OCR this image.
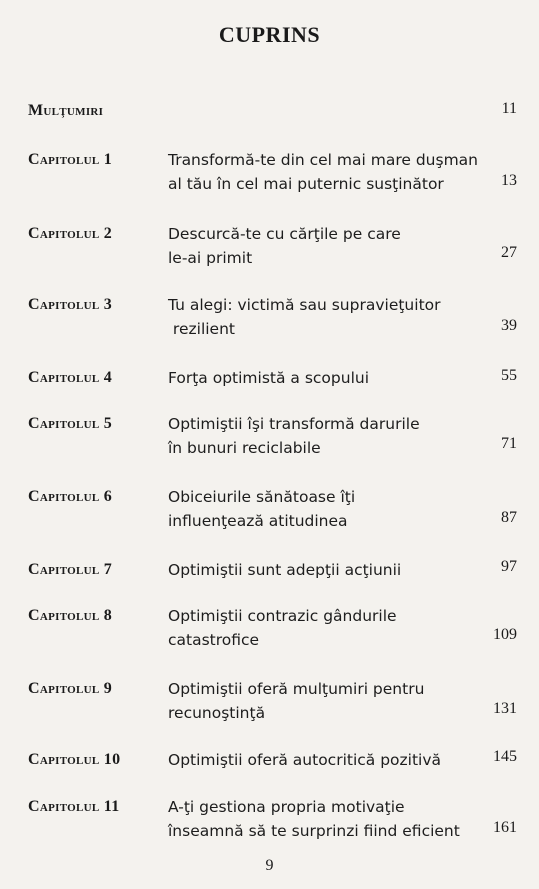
CUPRINS
Mulţumiri	11
Capitolul 1	Transformă-te din cel mai mare duşman
al tău în cel mai puternic susţinător	13
Capitolul 2	Descurcă-te cu cărţile pe care
le-ai primit	27
Capitolul 3	Tu alegi: victimă sau supravieţuitor
rezilient	39
Capitolul 4	Forţa optimistă a scopului	55
Capitolul 5	Optimiştii îşi transformă darurile
în bunuri reciclabile	71
Capitolul 6	Obiceiurile sănătoase îţi
influenţează atitudinea	87
Capitolul 7	Optimiştii sunt adepţii acţiunii	97
Capitolul 8	Optimiştii contrazic gândurile
catastrofice	109
Capitolul 9	Optimiştii oferă mulţumiri pentru
recunoştinţă	131
Capitolul 10	Optimiştii oferă autocritică pozitivă	145
Capitolul 11	A-ţi gestiona propria motivaţie
înseamnă să te surprinzi fiind eficient	161
9
